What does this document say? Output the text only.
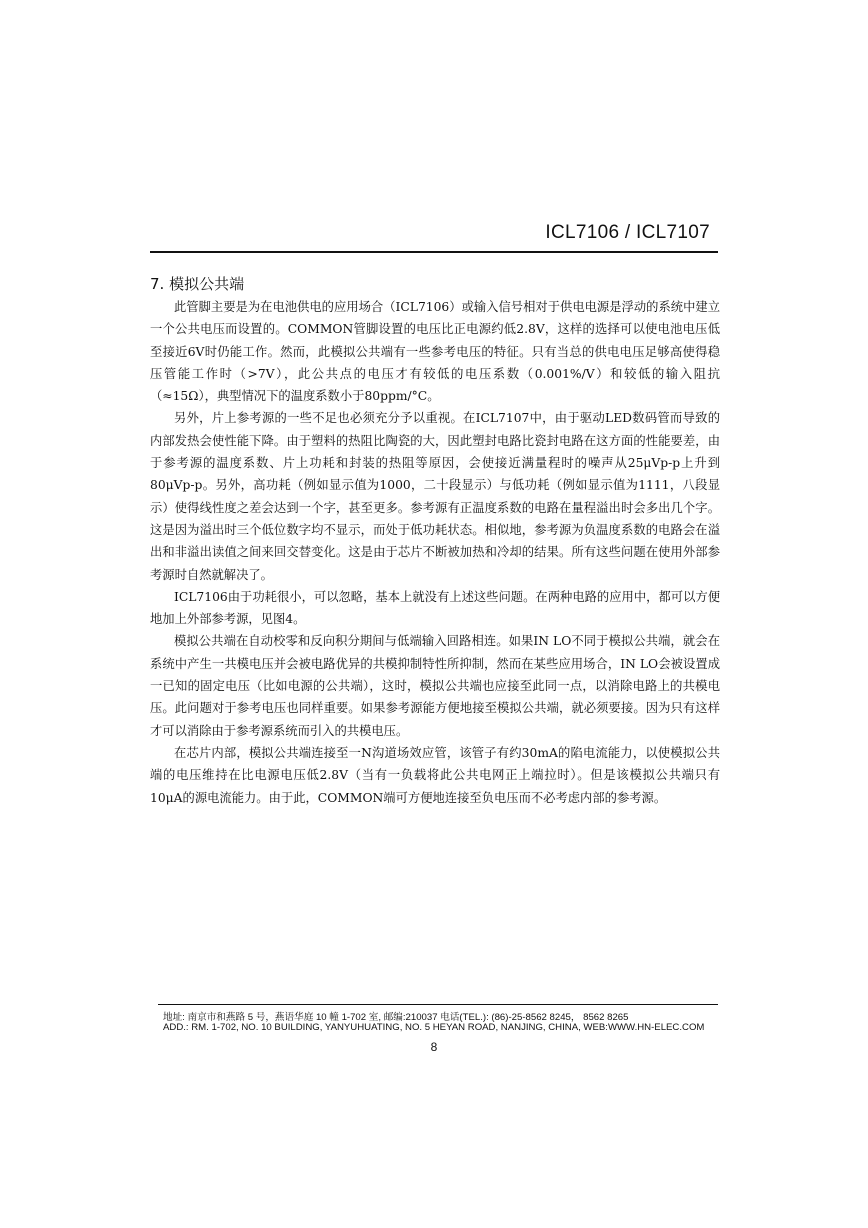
ICL7106 / ICL7107
7. 模拟公共端

此管脚主要是为在电池供电的应用场合（ICL7106）或输入信号相对于供电电源是浮动的系统中建立一个公共电压而设置的。COMMON管脚设置的电压比正电源约低2.8V，这样的选择可以使电池电压低至接近6V时仍能工作。然而，此模拟公共端有一些参考电压的特征。只有当总的供电电压足够高使得稳压管能工作时（>7V），此公共点的电压才有较低的电压系数（0.001%/V）和较低的输入阻抗（≈15Ω），典型情况下的温度系数小于80ppm/°C。

另外，片上参考源的一些不足也必须充分予以重视。在ICL7107中，由于驱动LED数码管而导致的内部发热会使性能下降。由于塑料的热阻比陶瓷的大，因此塑封电路比瓷封电路在这方面的性能要差，由于参考源的温度系数、片上功耗和封装的热阻等原因，会使接近满量程时的噪声从25μVp-p上升到80μVp-p。另外，高功耗（例如显示值为1000，二十段显示）与低功耗（例如显示值为1111，八段显示）使得线性度之差会达到一个字，甚至更多。参考源有正温度系数的电路在量程溢出时会多出几个字。这是因为溢出时三个低位数字均不显示，而处于低功耗状态。相似地，参考源为负温度系数的电路会在溢出和非溢出读值之间来回交替变化。这是由于芯片不断被加热和冷却的结果。所有这些问题在使用外部参考源时自然就解决了。

ICL7106由于功耗很小，可以忽略，基本上就没有上述这些问题。在两种电路的应用中，都可以方便地加上外部参考源，见图4。

模拟公共端在自动校零和反向积分期间与低端输入回路相连。如果IN LO不同于模拟公共端，就会在系统中产生一共模电压并会被电路优异的共模抑制特性所抑制，然而在某些应用场合，IN LO会被设置成一已知的固定电压（比如电源的公共端），这时，模拟公共端也应接至此同一点，以消除电路上的共模电压。此问题对于参考电压也同样重要。如果参考源能方便地接至模拟公共端，就必须要接。因为只有这样才可以消除由于参考源系统而引入的共模电压。

在芯片内部，模拟公共端连接至一N沟道场效应管，该管子有约30mA的陷电流能力，以使模拟公共端的电压维持在比电源电压低2.8V（当有一负载将此公共电网正上端拉时）。但是该模拟公共端只有10μA的源电流能力。由于此，COMMON端可方便地连接至负电压而不必考虑内部的参考源。

地址: 南京市和燕路 5 号，燕语华庭 10 幢 1-702 室, 邮编:210037 电话(TEL.): (86)-25-8562 8245， 8562 8265
ADD.: RM. 1-702, NO. 10 BUILDING, YANYUHUATING, NO. 5 HEYAN ROAD, NANJING, CHINA, WEB:WWW.HN-ELEC.COM
8
